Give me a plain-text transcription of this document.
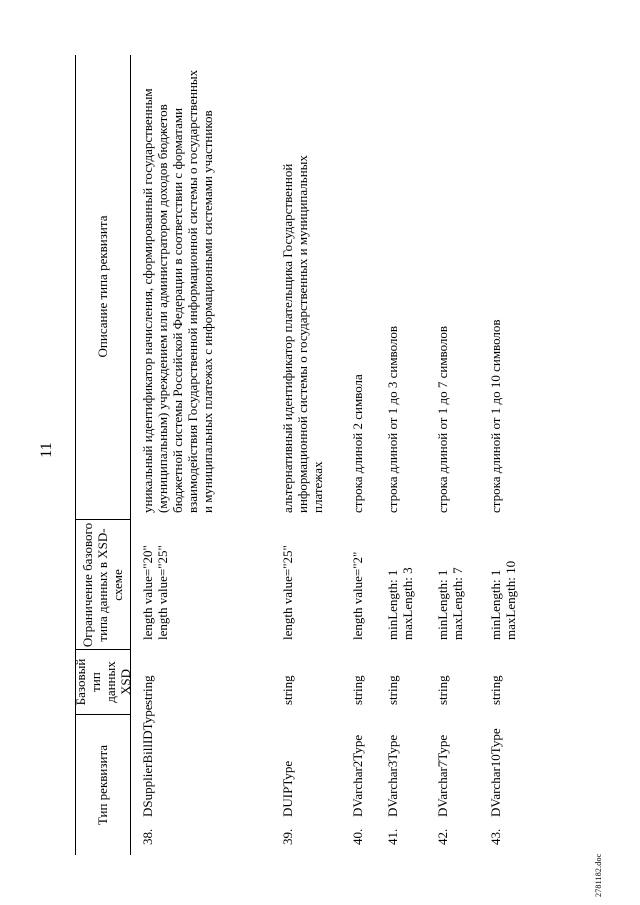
11
Тип реквизита
Базовый тип данных XSD
Ограничение базового типа данных в XSD-схеме
Описание типа реквизита
38.
DSupplierBillIDType
string
length value="20" length value="25"
уникальный идентификатор начисления, сформированный государственным (муниципальным) учреждением или администратором доходов бюджетов бюджетной системы Российской Федерации в соответствии с форматами взаимодействия Государственной информационной системы о государственных и муниципальных платежах с информационными системами участников
39.
DUIPType
string
length value="25"
альтернативный идентификатор плательщика Государственной информационной системы о государственных и муниципальных платежах
40.
DVarchar2Type
string
length value="2"
строка длиной 2 символа
41.
DVarchar3Type
string
minLength: 1 maxLength: 3
строка длиной от 1 до 3 символов
42.
DVarchar7Type
string
minLength: 1 maxLength: 7
строка длиной от 1 до 7 символов
43.
DVarchar10Type
string
minLength: 1 maxLength: 10
строка длиной от 1 до 10 символов
2781182.doc
